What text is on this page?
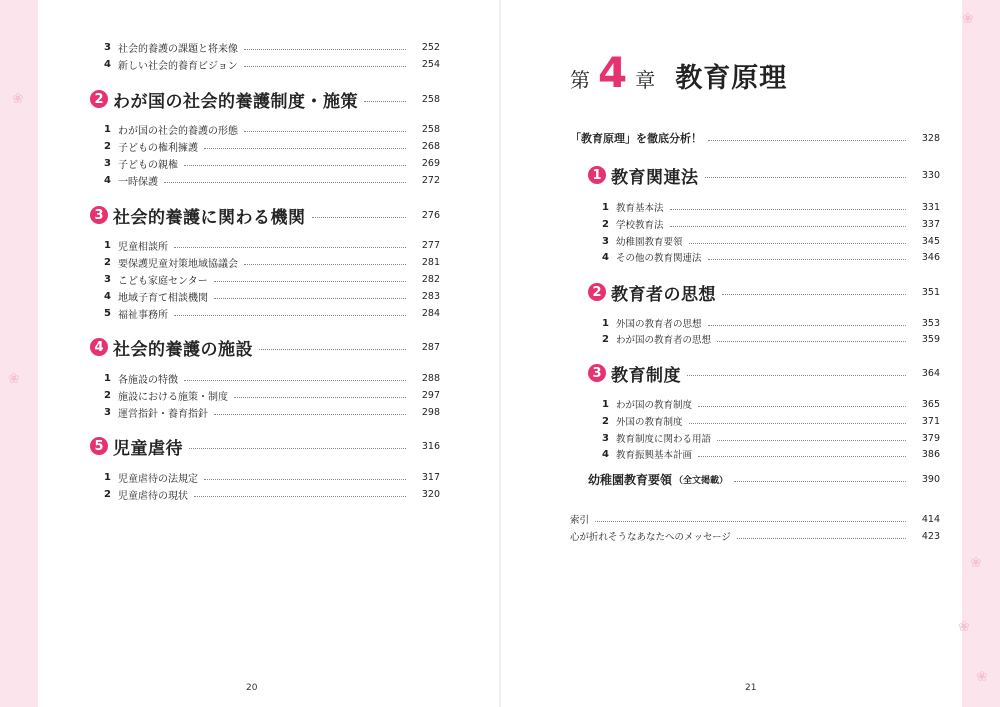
❀
❀
❀
❀
❀
❀
3 社会的養護の課題と将来像	252
4 新しい社会的養育ビジョン	254
2 わが国の社会的養護制度・施策	258
1 わが国の社会的養護の形態	258
2 子どもの権利擁護	268
3 子どもの親権	269
4 一時保護	272
3 社会的養護に関わる機関	276
1 児童相談所	277
2 要保護児童対策地域協議会	281
3 こども家庭センター	282
4 地域子育て相談機関	283
5 福祉事務所	284
4 社会的養護の施設	287
1 各施設の特徴	288
2 施設における施策・制度	297
3 運営指針・養育指針	298
5 児童虐待	316
1 児童虐待の法規定	317
2 児童虐待の現状	320
20
第 4 章 教育原理
「教育原理」を徹底分析！	328
1 教育関連法	330
1 教育基本法	331
2 学校教育法	337
3 幼稚園教育要領	345
4 その他の教育関連法	346
2 教育者の思想	351
1 外国の教育者の思想	353
2 わが国の教育者の思想	359
3 教育制度	364
1 わが国の教育制度	365
2 外国の教育制度	371
3 教育制度に関わる用語	379
4 教育振興基本計画	386
幼稚園教育要領 （全文掲載）	390
索引	414
心が折れそうなあなたへのメッセージ	423
21
